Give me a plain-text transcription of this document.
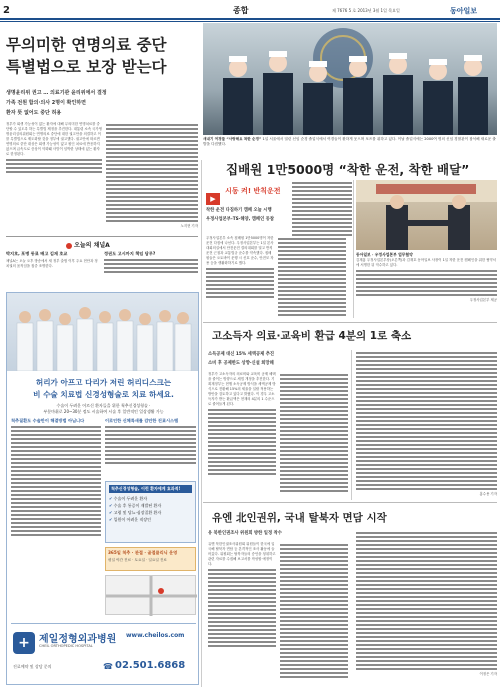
2	종합	제 7676 5 호 2013년 3월 1일 목요일	동아일보
무의미한 연명의료 중단
특별법으로 보장 받는다
생명윤리위 권고 … 의료기관 윤리위에서 결정
가족 전원 합의·의사 2명이 확인하면
환자 뜻 없어도 중단 허용

정부가 회생 가능성이 없는 환자에 대해 무의미한 연명치료를 중단할 수 있도록 하는 특별법 제정을 추진한다. 대통령 소속 국가생명윤리심의위원회는 연명의료 중단에 대한 권고안을 의결하고 이를 특별법으로 제도화할 것을 정부에 권고했다. 권고안에 따르면 연명의료 중단 대상은 회생 가능성이 없고 원인 치료에 반응하지 않으며 급속도로 증상이 악화돼 사망이 임박한 상태에 있는 환자로 한정된다.

노지현 기자

오늘의 채널A
박지호, 포병 동료 배고 김재 호교
채널A는 오늘 오후 방송에서 새 정부 출범 이후 주요 현안과 정치권의 움직임을 집중 조명한다.
정권도 고시까지 책임 담무?
새내기 여경들 “사랑해요 착한 순경” 1일 서울에서 열린 신임 순경 졸업식에서 여경들이 환하게 웃으며 포즈를 취하고 있다. 이날 졸업식에는 2000여 명의 신임 경찰관이 참석해 새로운 출발을 다짐했다.
집배원 1만5000명 “착한 운전, 착한 배달”
▶ $^{시동 켜! 반칙운전}$
착한 운전 다짐하기 캠페 오늘 시행
우정사업본부-TS·해양, 캠페인 동참

우정사업본부 소속 집배원 1만5000명이 착한 운전 다짐에 나선다. 우정사업본부는 1일 본사 대회의실에서 안전운전 결의대회를 열고 반칙운전 근절과 교통법규 준수를 약속했다. 집배원들은 오토바이 운행 시 신호 준수, 안전모 착용 등을 생활화하기로 했다.

동아일보 · 우정사업본부 업무협약

김재홍 우정사업본부장(오른쪽)과 김재호 동아일보 사장이 1일 착한 운전 캠페인을 위한 협약서에 서명한 뒤 악수하고 있다.

우정사업본부 제공

허리가 아프고 다리가 저린 허리디스크는
비 수술 치료법 신경성형술로 치료 하세요.
수술이 두려운 어르신 환자들을 위한 척추신경성형술 ·
부분마취로 20~30분 정도 시술하여 시술 후 일반적인 일상생활 가능
척추질환도 수술만이 해결방법 아닙니다	이로인한 신체특새를 감안한 진료시스템
척추신경성형술, 이런 환자에게 효과적!
✔ 수술이 두려운 환자
✔ 수술 후 통증이 재발된 환자
✔ 고령 및 당뇨·심장질환 환자
✔ 입원이 어려운 직장인
365일 척추 · 관절 · 골절클리닉 운영
평일 야간 진료 · 토요일 · 일요일 진료
+ 제일정형외과병원
CHEIL ORTHOPEDIC HOSPITAL
www.cheilos.com
진료예약 및 상담 문의	☎ 02.501.6868
고소득자 의료·교육비 환급 4분의 1로 축소
소득공제 대신 15% 세액공제 추진
소비 후 공제한도 상향·신설 희망해

정부가 고소득자의 의료비와 교육비 공제 혜택을 줄이는 방향으로 세법 개정을 추진한다. 기획재정부는 현행 소득공제 방식을 세액공제 방식으로 전환해 15%의 세율을 일괄 적용하는 방안을 검토하고 있다고 밝혔다. 이 경우 고소득자가 받는 환급액은 현재의 4분의 1 수준으로 줄어들게 된다.

홍수용 기자

유엔 北인권위, 국내 탈북자 면담 시작
유 북한인권조사 위원회 방한 일정 착수

유엔 북한인권조사위원회 위원들이 한국에 입국해 탈북자 면담 등 본격적인 조사 활동에 들어갔다. 위원회는 탈북자들의 증언을 청취하고 관련 자료를 수집해 보고서를 작성할 예정이다.

이정은 기자
